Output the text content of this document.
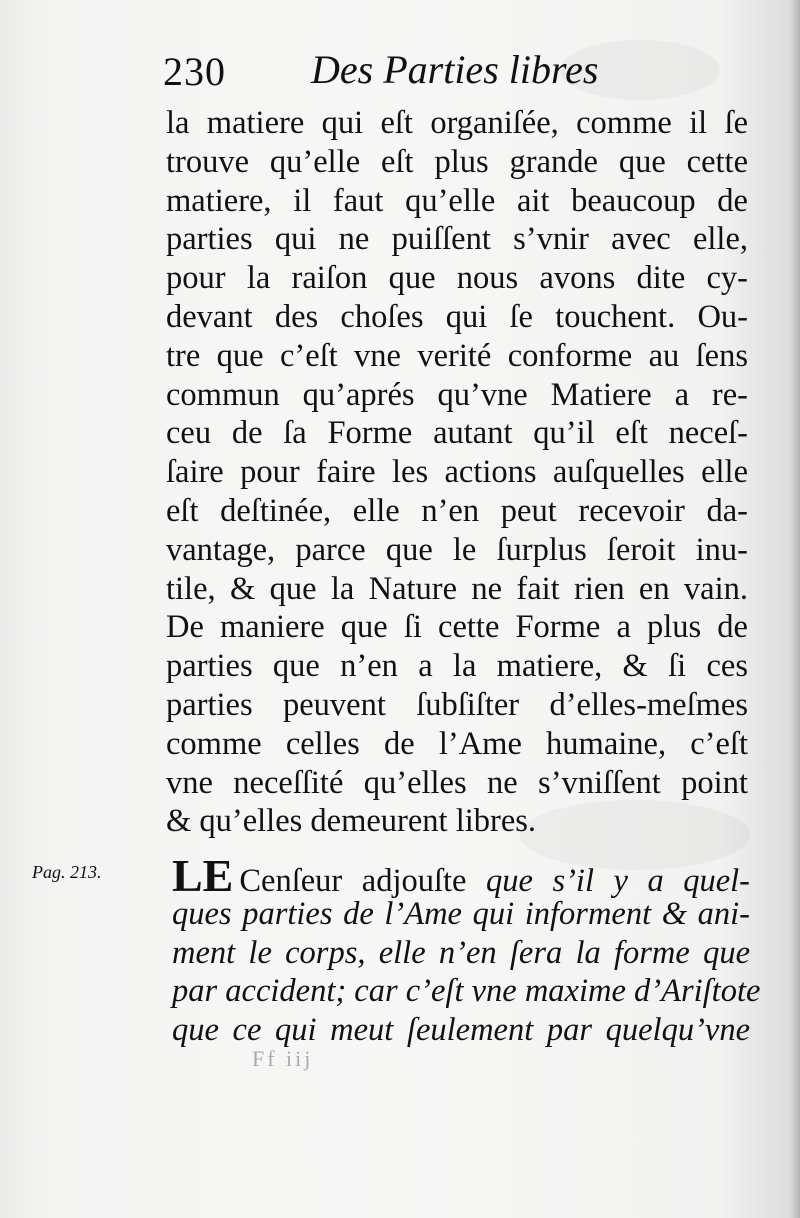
230 Des Parties libres
la matiere qui eſt organiſée, comme il ſe
trouve qu’elle eſt plus grande que cette
matiere, il faut qu’elle ait beaucoup de
parties qui ne puiſſent s’vnir avec elle,
pour la raiſon que nous avons dite cy-
devant des choſes qui ſe touchent. Ou-
tre que c’eſt vne verité conforme au ſens
commun qu’aprés qu’vne Matiere a re-
ceu de ſa Forme autant qu’il eſt neceſ-
ſaire pour faire les actions auſquelles elle
eſt deſtinée, elle n’en peut recevoir da-
vantage, parce que le ſurplus ſeroit inu-
tile, & que la Nature ne fait rien en vain.
De maniere que ſi cette Forme a plus de
parties que n’en a la matiere, & ſi ces
parties peuvent ſubſiſter d’elles-meſmes
comme celles de l’Ame humaine, c’eſt
vne neceſſité qu’elles ne s’vniſſent point
& qu’elles demeurent libres.
Pag. 213. LE Cenſeur adjouſte que s’il y a quel-
ques parties de l’Ame qui informent & ani-
ment le corps, elle n’en ſera la forme que
par accident; car c’eſt vne maxime d’Ariſtote
que ce qui meut ſeulement par quelqu’vne
Ff iij
